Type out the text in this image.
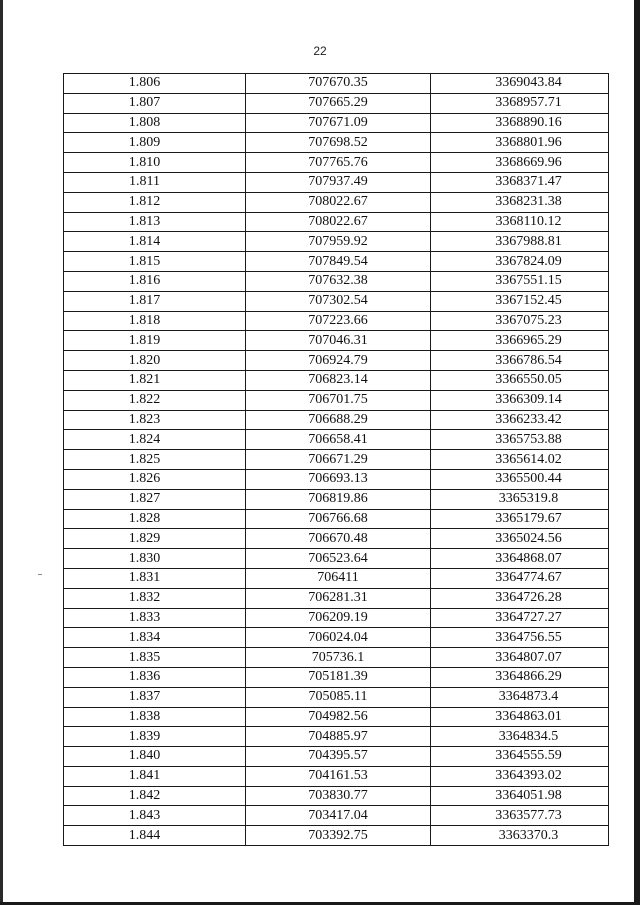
22
1.806	707670.35	3369043.84
1.807	707665.29	3368957.71
1.808	707671.09	3368890.16
1.809	707698.52	3368801.96
1.810	707765.76	3368669.96
1.811	707937.49	3368371.47
1.812	708022.67	3368231.38
1.813	708022.67	3368110.12
1.814	707959.92	3367988.81
1.815	707849.54	3367824.09
1.816	707632.38	3367551.15
1.817	707302.54	3367152.45
1.818	707223.66	3367075.23
1.819	707046.31	3366965.29
1.820	706924.79	3366786.54
1.821	706823.14	3366550.05
1.822	706701.75	3366309.14
1.823	706688.29	3366233.42
1.824	706658.41	3365753.88
1.825	706671.29	3365614.02
1.826	706693.13	3365500.44
1.827	706819.86	3365319.8
1.828	706766.68	3365179.67
1.829	706670.48	3365024.56
1.830	706523.64	3364868.07
1.831	706411	3364774.67
1.832	706281.31	3364726.28
1.833	706209.19	3364727.27
1.834	706024.04	3364756.55
1.835	705736.1	3364807.07
1.836	705181.39	3364866.29
1.837	705085.11	3364873.4
1.838	704982.56	3364863.01
1.839	704885.97	3364834.5
1.840	704395.57	3364555.59
1.841	704161.53	3364393.02
1.842	703830.77	3364051.98
1.843	703417.04	3363577.73
1.844	703392.75	3363370.3
